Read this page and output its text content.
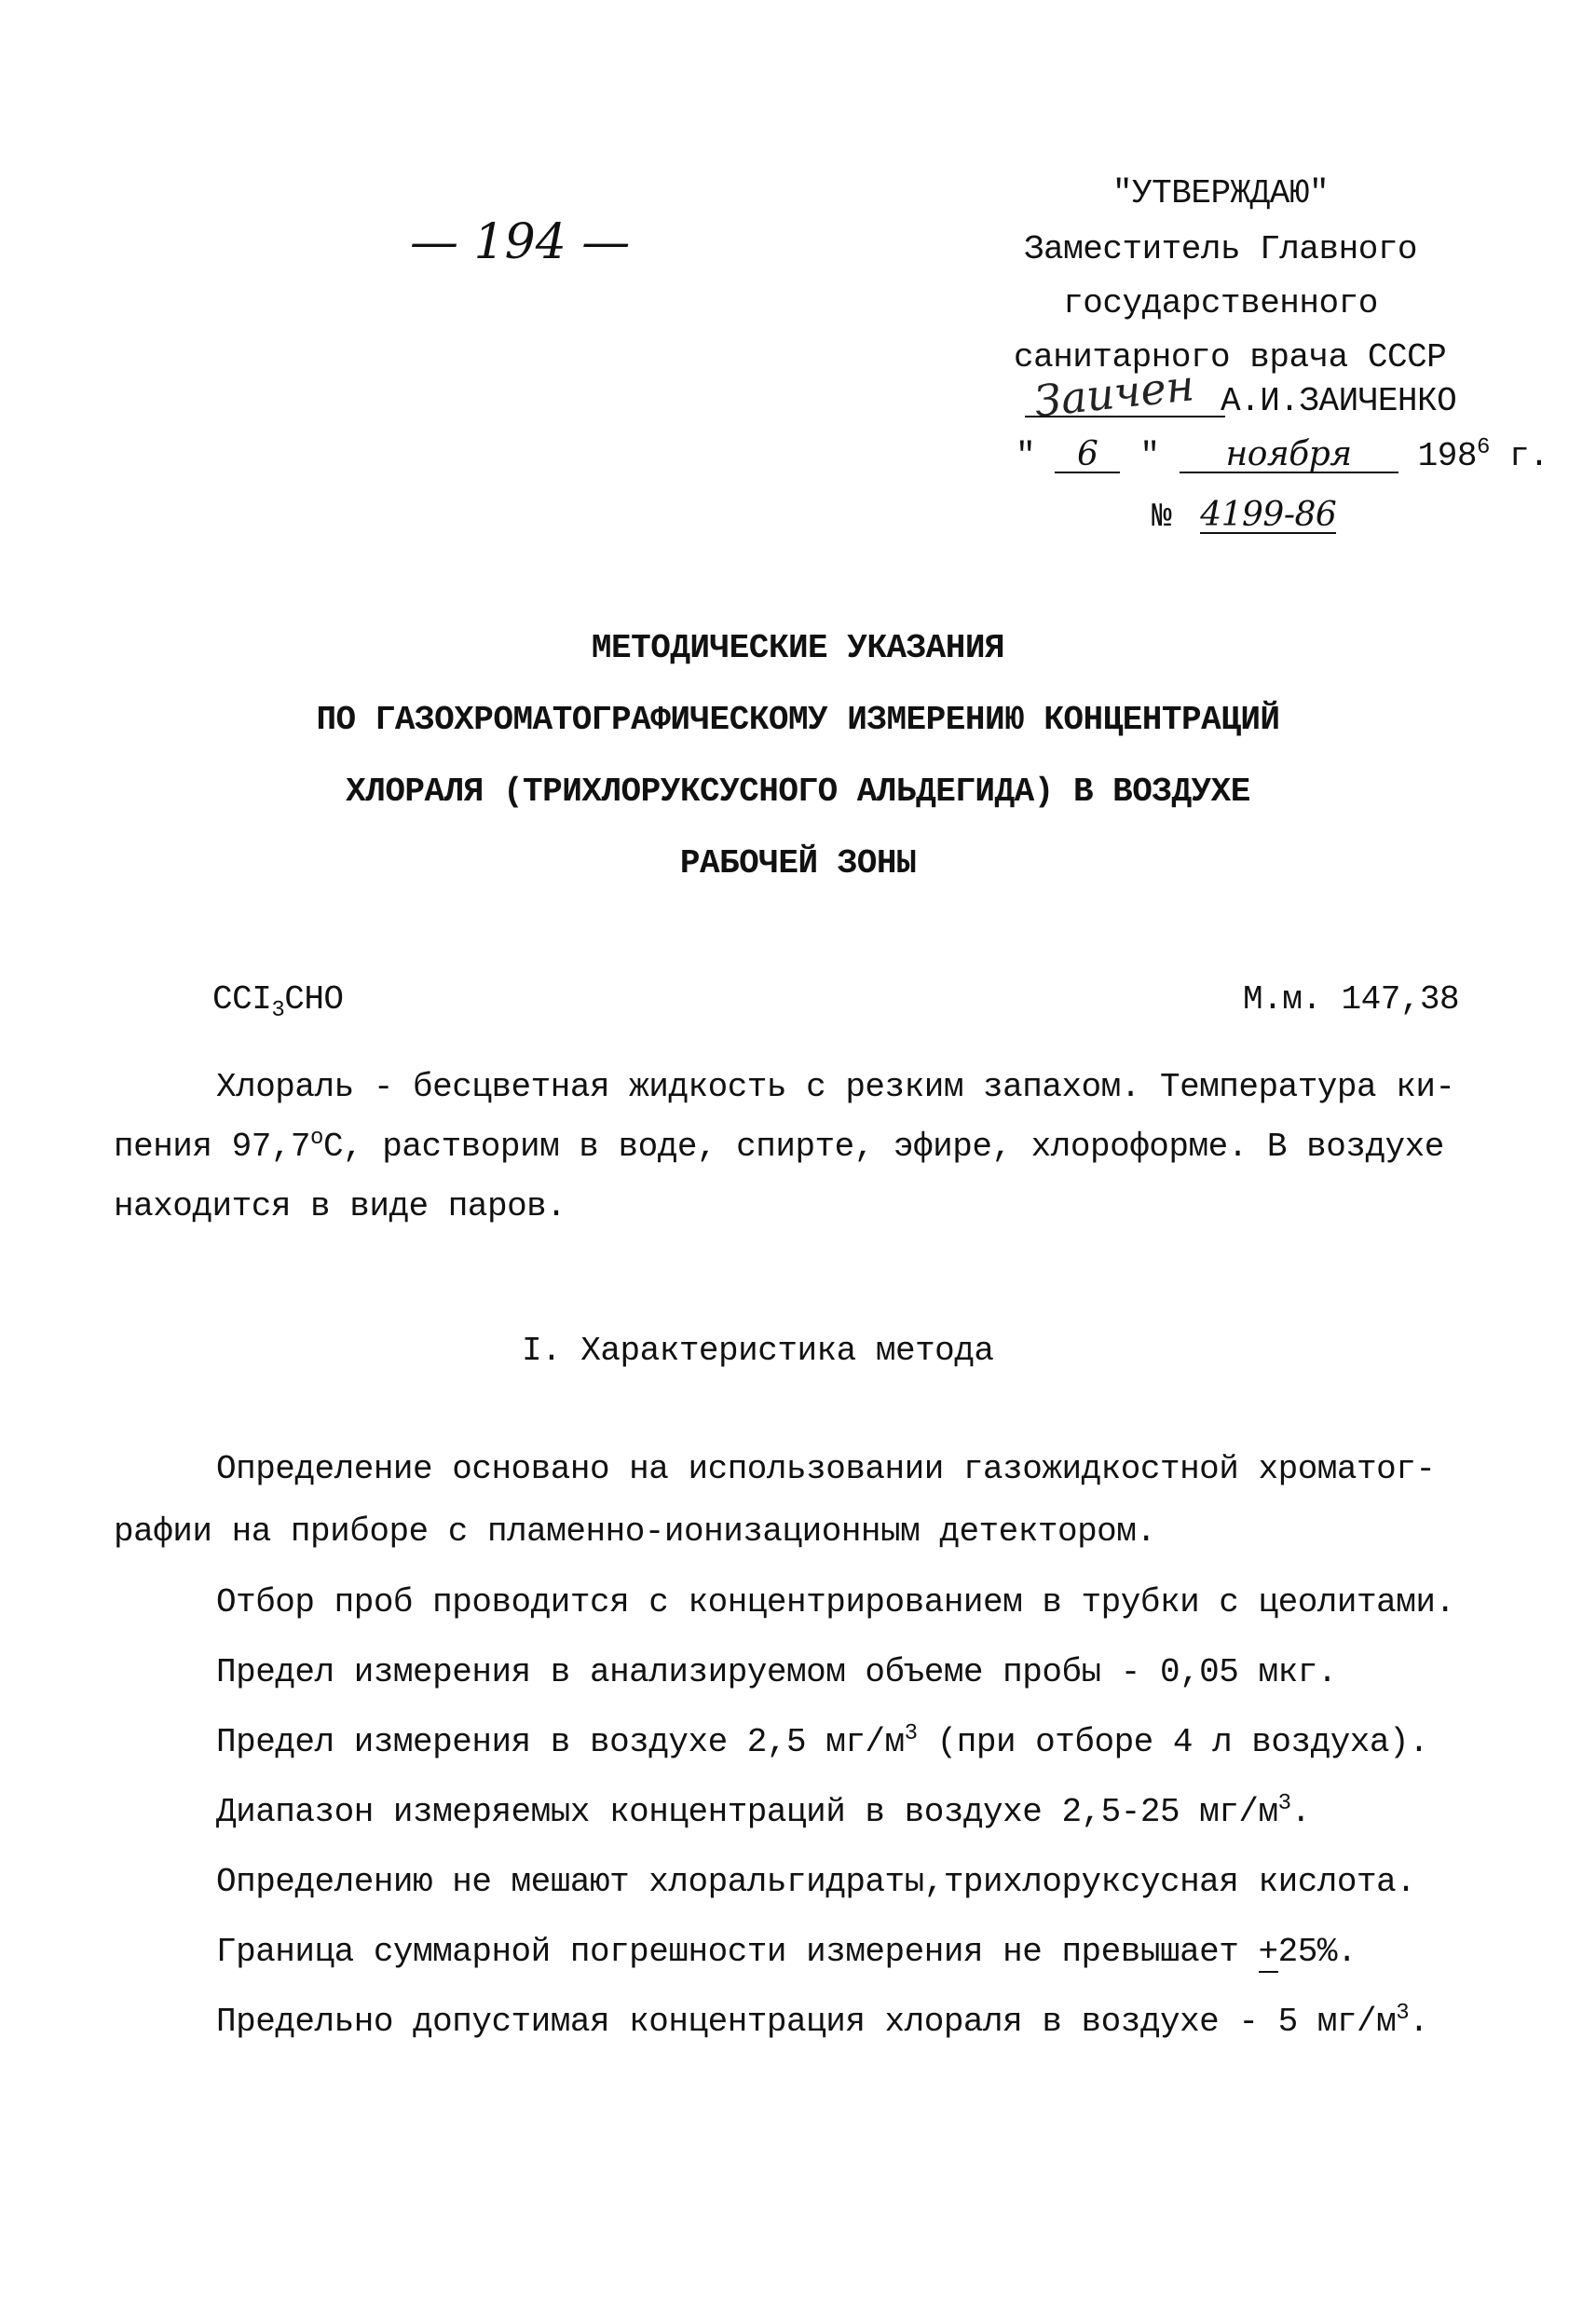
— 194 —
"УТВЕРЖДАЮ"
Заместитель Главного
государственного
санитарного врача СССР
Заичен А.И.ЗАИЧЕНКО
" 6 " ноября $198^6$ г.
№ 4199-86
МЕТОДИЧЕСКИЕ УКАЗАНИЯ
ПО ГАЗОХРОМАТОГРАФИЧЕСКОМУ ИЗМЕРЕНИЮ КОНЦЕНТРАЦИЙ
ХЛОРАЛЯ (ТРИХЛОРУКСУСНОГО АЛЬДЕГИДА) В ВОЗДУХЕ
РАБОЧЕЙ ЗОНЫ
$CCI_3CHO$	М.м. 147,38
Хлораль - бесцветная жидкость с резким запахом. Температура ки-
пения $97,7^оС$, растворим в воде, спирте, эфире, хлороформе. В воздухе
находится в виде паров.
I. Характеристика метода
Определение основано на использовании газожидкостной хроматог-
рафии на приборе с пламенно-ионизационным детектором.
Отбор проб проводится с концентрированием в трубки с цеолитами.
Предел измерения в анализируемом объеме пробы - 0,05 мкг.
Предел измерения в воздухе 2,5 $мг/м^3$ (при отборе 4 л воздуха).
Диапазон измеряемых концентраций в воздухе 2,5-25 $мг/м^3$.
Определению не мешают хлоральгидраты,трихлоруксусная кислота.
Граница суммарной погрешности измерения не превышает +25%.
Предельно допустимая концентрация хлораля в воздухе - 5 $мг/м^3$.
